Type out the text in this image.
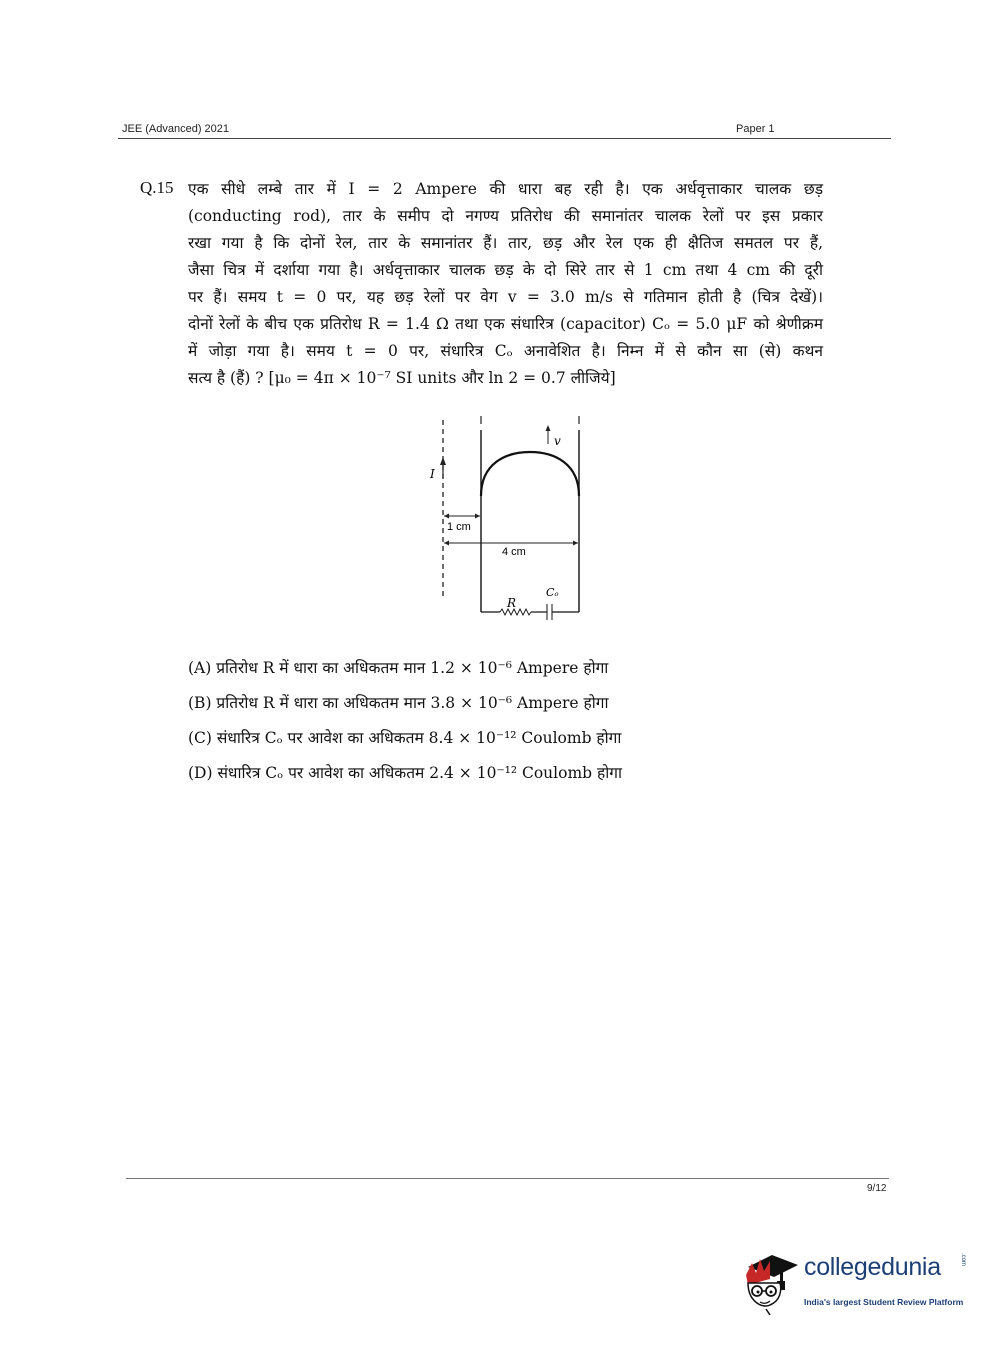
JEE (Advanced) 2021	Paper 1
Q.15 एक सीधे लम्बे तार में I = 2 Ampere की धारा बह रही है। एक अर्धवृत्ताकार चालक छड़
(conducting rod), तार के समीप दो नगण्य प्रतिरोध की समानांतर चालक रेलों पर इस प्रकार
रखा गया है कि दोनों रेल, तार के समानांतर हैं। तार, छड़ और रेल एक ही क्षैतिज समतल पर हैं,
जैसा चित्र में दर्शाया गया है। अर्धवृत्ताकार चालक छड़ के दो सिरे तार से 1 cm तथा 4 cm की दूरी
पर हैं। समय t = 0 पर, यह छड़ रेलों पर वेग v = 3.0 m/s से गतिमान होती है (चित्र देखें)।
दोनों रेलों के बीच एक प्रतिरोध R = 1.4 Ω तथा एक संधारित्र (capacitor) Cₒ = 5.0 μF को श्रेणीक्रम
में जोड़ा गया है। समय t = 0 पर, संधारित्र Cₒ अनावेशित है। निम्न में से कौन सा (से) कथन
सत्य है (हैं) ? [μ₀ = 4π × 10⁻⁷ SI units और ln 2 = 0.7 लीजिये]
I
v
1 cm
4 cm
R
Cₒ
(A) प्रतिरोध R में धारा का अधिकतम मान 1.2 × 10⁻⁶ Ampere होगा
(B) प्रतिरोध R में धारा का अधिकतम मान 3.8 × 10⁻⁶ Ampere होगा
(C) संधारित्र Cₒ पर आवेश का अधिकतम 8.4 × 10⁻¹² Coulomb होगा
(D) संधारित्र Cₒ पर आवेश का अधिकतम 2.4 × 10⁻¹² Coulomb होगा
9/12
collegedunia	.com
India's largest Student Review Platform
